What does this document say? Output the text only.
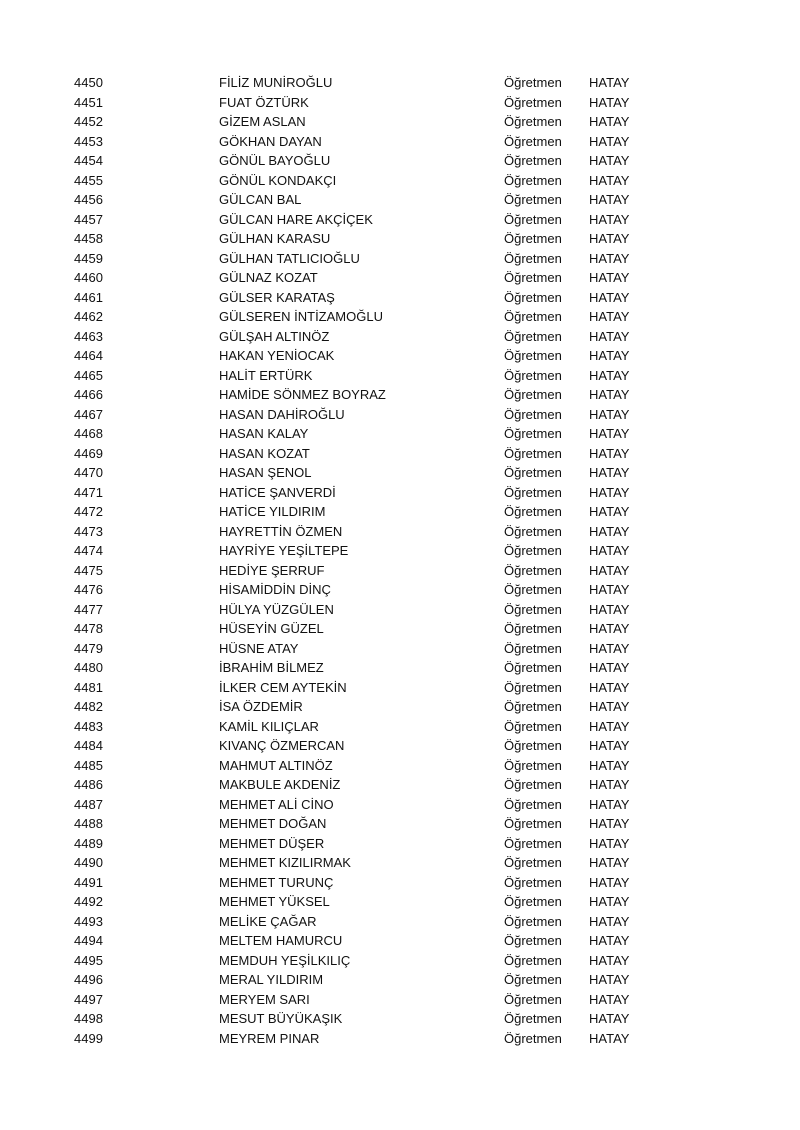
4450	FİLİZ MUNİROĞLU	Öğretmen HATAY
4451	FUAT ÖZTÜRK	Öğretmen HATAY
4452	GİZEM ASLAN	Öğretmen HATAY
4453	GÖKHAN DAYAN	Öğretmen HATAY
4454	GÖNÜL BAYOĞLU	Öğretmen HATAY
4455	GÖNÜL KONDAKÇI	Öğretmen HATAY
4456	GÜLCAN BAL	Öğretmen HATAY
4457	GÜLCAN HARE AKÇİÇEK	Öğretmen HATAY
4458	GÜLHAN KARASU	Öğretmen HATAY
4459	GÜLHAN TATLICIOĞLU	Öğretmen HATAY
4460	GÜLNAZ KOZAT	Öğretmen HATAY
4461	GÜLSER KARATAŞ	Öğretmen HATAY
4462	GÜLSEREN İNTİZAMOĞLU	Öğretmen HATAY
4463	GÜLŞAH ALTINÖZ	Öğretmen HATAY
4464	HAKAN YENİOCAK	Öğretmen HATAY
4465	HALİT ERTÜRK	Öğretmen HATAY
4466	HAMİDE SÖNMEZ BOYRAZ	Öğretmen HATAY
4467	HASAN DAHİROĞLU	Öğretmen HATAY
4468	HASAN KALAY	Öğretmen HATAY
4469	HASAN KOZAT	Öğretmen HATAY
4470	HASAN ŞENOL	Öğretmen HATAY
4471	HATİCE ŞANVERDİ	Öğretmen HATAY
4472	HATİCE YILDIRIM	Öğretmen HATAY
4473	HAYRETTİN ÖZMEN	Öğretmen HATAY
4474	HAYRİYE YEŞİLTEPE	Öğretmen HATAY
4475	HEDİYE ŞERRUF	Öğretmen HATAY
4476	HİSAMİDDİN DİNÇ	Öğretmen HATAY
4477	HÜLYA YÜZGÜLEN	Öğretmen HATAY
4478	HÜSEYİN GÜZEL	Öğretmen HATAY
4479	HÜSNE ATAY	Öğretmen HATAY
4480	İBRAHİM BİLMEZ	Öğretmen HATAY
4481	İLKER CEM AYTEKİN	Öğretmen HATAY
4482	İSA ÖZDEMİR	Öğretmen HATAY
4483	KAMİL KILIÇLAR	Öğretmen HATAY
4484	KIVANÇ ÖZMERCAN	Öğretmen HATAY
4485	MAHMUT ALTINÖZ	Öğretmen HATAY
4486	MAKBULE AKDENİZ	Öğretmen HATAY
4487	MEHMET ALİ CİNO	Öğretmen HATAY
4488	MEHMET DOĞAN	Öğretmen HATAY
4489	MEHMET DÜŞER	Öğretmen HATAY
4490	MEHMET KIZILIRMAK	Öğretmen HATAY
4491	MEHMET TURUNÇ	Öğretmen HATAY
4492	MEHMET YÜKSEL	Öğretmen HATAY
4493	MELİKE ÇAĞAR	Öğretmen HATAY
4494	MELTEM HAMURCU	Öğretmen HATAY
4495	MEMDUH YEŞİLKILIÇ	Öğretmen HATAY
4496	MERAL YILDIRIM	Öğretmen HATAY
4497	MERYEM SARI	Öğretmen HATAY
4498	MESUT BÜYÜKAŞIK	Öğretmen HATAY
4499	MEYREM PINAR	Öğretmen HATAY
